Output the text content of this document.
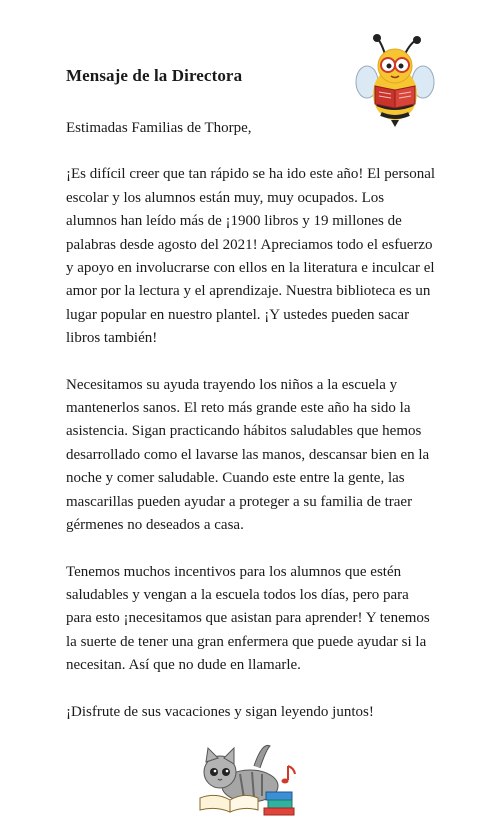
Mensaje de la Directora

Estimadas Familias de Thorpe,

¡Es difícil creer que tan rápido se ha ido este año! El personal escolar y los alumnos están muy, muy ocupados. Los alumnos han leído más de ¡1900 libros y 19 millones de palabras desde agosto del 2021! Apreciamos todo el esfuerzo y apoyo en involucrarse con ellos en la literatura e inculcar el amor por la lectura y el aprendizaje. Nuestra biblioteca es un lugar popular en nuestro plantel. ¡Y ustedes pueden sacar libros también!

Necesitamos su ayuda trayendo los niños a la escuela y mantenerlos sanos. El reto más grande este año ha sido la asistencia. Sigan practicando hábitos saludables que hemos desarrollado como el lavarse las manos, descansar bien en la noche y comer saludable. Cuando este entre la gente, las mascarillas pueden ayudar a proteger a su familia de traer gérmenes no deseados a casa.

Tenemos muchos incentivos para los alumnos que estén saludables y vengan a la escuela todos los días, pero para para esto ¡necesitamos que asistan para aprender! Y tenemos la suerte de tener una gran enfermera que puede ayudar si la necesitan. Así que no dude en llamarle.

¡Disfrute de sus vacaciones y sigan leyendo juntos!
